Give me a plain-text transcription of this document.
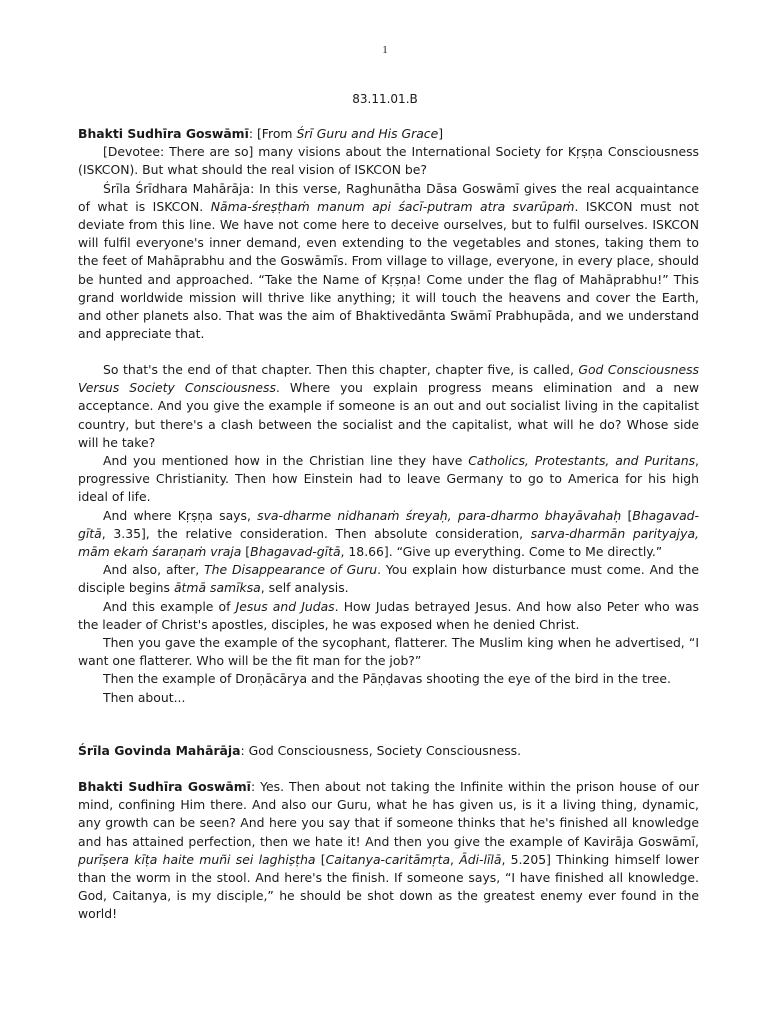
1
83.11.01.B

Bhakti Sudhīra Goswāmī: [From Śrī Guru and His Grace]

[Devotee: There are so] many visions about the International Society for Kṛṣṇa Consciousness (ISKCON). But what should the real vision of ISKCON be?

Śrīla Śrīdhara Mahārāja: In this verse, Raghunātha Dāsa Goswāmī gives the real acquaintance of what is ISKCON. Nāma-śreṣṭhaṁ manum api śacī-putram atra svarūpaṁ. ISKCON must not deviate from this line. We have not come here to deceive ourselves, but to fulfil ourselves. ISKCON will fulfil everyone's inner demand, even extending to the vegetables and stones, taking them to the feet of Mahāprabhu and the Goswāmīs. From village to village, everyone, in every place, should be hunted and approached. “Take the Name of Kṛṣṇa! Come under the flag of Mahāprabhu!” This grand worldwide mission will thrive like anything; it will touch the heavens and cover the Earth, and other planets also. That was the aim of Bhaktivedānta Swāmī Prabhupāda, and we understand and appreciate that.

So that's the end of that chapter. Then this chapter, chapter five, is called, God Consciousness Versus Society Consciousness. Where you explain progress means elimination and a new acceptance. And you give the example if someone is an out and out socialist living in the capitalist country, but there's a clash between the socialist and the capitalist, what will he do? Whose side will he take?

And you mentioned how in the Christian line they have Catholics, Protestants, and Puritans, progressive Christianity. Then how Einstein had to leave Germany to go to America for his high ideal of life.

And where Kṛṣṇa says, sva-dharme nidhanaṁ śreyaḥ, para-dharmo bhayāvahaḥ [Bhagavad-gītā, 3.35], the relative consideration. Then absolute consideration, sarva-dharmān parityajya, mām ekaṁ śaraṇaṁ vraja [Bhagavad-gītā, 18.66]. “Give up everything. Come to Me directly.”

And also, after, The Disappearance of Guru. You explain how disturbance must come. And the disciple begins ātmā samīksa, self analysis.

And this example of Jesus and Judas. How Judas betrayed Jesus. And how also Peter who was the leader of Christ's apostles, disciples, he was exposed when he denied Christ.

Then you gave the example of the sycophant, flatterer. The Muslim king when he advertised, “I want one flatterer. Who will be the fit man for the job?”

Then the example of Droṇācārya and the Pāṇḍavas shooting the eye of the bird in the tree.

Then about...

Śrīla Govinda Mahārāja: God Consciousness, Society Consciousness.

Bhakti Sudhīra Goswāmī: Yes. Then about not taking the Infinite within the prison house of our mind, confining Him there. And also our Guru, what he has given us, is it a living thing, dynamic, any growth can be seen? And here you say that if someone thinks that he's finished all knowledge and has attained perfection, then we hate it! And then you give the example of Kavirāja Goswāmī, purīṣera kīṭa haite muñi sei laghiṣṭha [Caitanya-caritāmṛta, Ādi-līlā, 5.205] Thinking himself lower than the worm in the stool. And here's the finish. If someone says, “I have finished all knowledge. God, Caitanya, is my disciple,” he should be shot down as the greatest enemy ever found in the world!
